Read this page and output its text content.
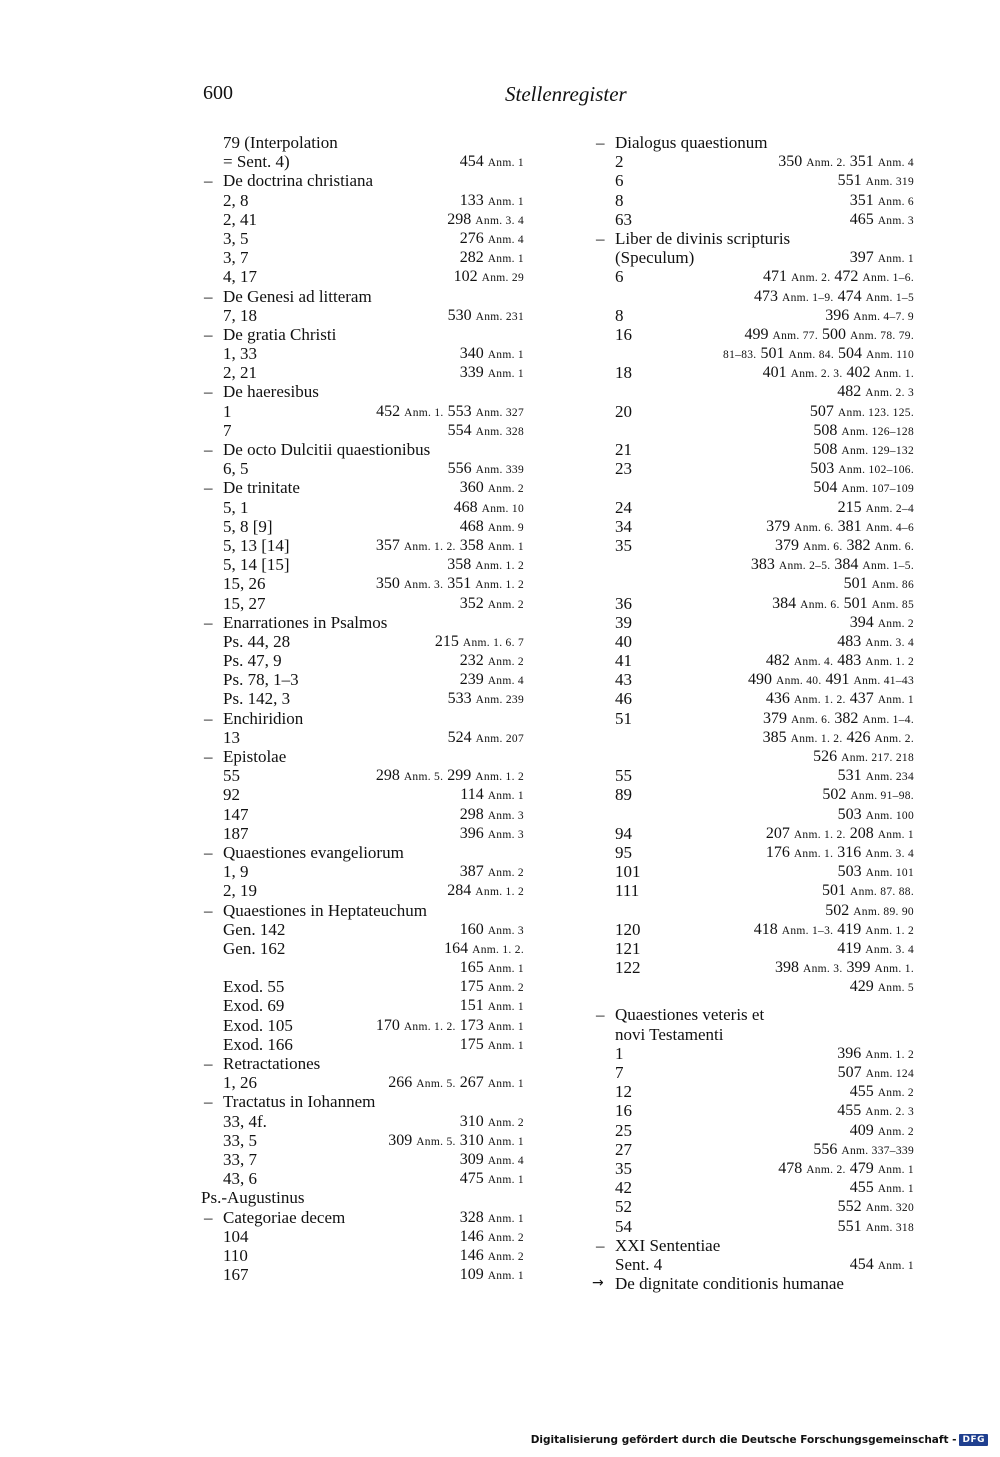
600	Stellenregister
79 (Interpolation
= Sent. 4)	454 Anm. 1
– De doctrina christiana
2, 8	133 Anm. 1
2, 41	298 Anm. 3. 4
3, 5	276 Anm. 4
3, 7	282 Anm. 1
4, 17	102 Anm. 29
– De Genesi ad litteram
7, 18	530 Anm. 231
– De gratia Christi
1, 33	340 Anm. 1
2, 21	339 Anm. 1
– De haeresibus
1	452 Anm. 1. 553 Anm. 327
7	554 Anm. 328
– De octo Dulcitii quaestionibus
6, 5	556 Anm. 339
– De trinitate	360 Anm. 2
5, 1	468 Anm. 10
5, 8 [9]	468 Anm. 9
5, 13 [14]	357 Anm. 1. 2. 358 Anm. 1
5, 14 [15]	358 Anm. 1. 2
15, 26	350 Anm. 3. 351 Anm. 1. 2
15, 27	352 Anm. 2
– Enarrationes in Psalmos
Ps. 44, 28	215 Anm. 1. 6. 7
Ps. 47, 9	232 Anm. 2
Ps. 78, 1–3	239 Anm. 4
Ps. 142, 3	533 Anm. 239
– Enchiridion
13	524 Anm. 207
– Epistolae
55	298 Anm. 5. 299 Anm. 1. 2
92	114 Anm. 1
147	298 Anm. 3
187	396 Anm. 3
– Quaestiones evangeliorum
1, 9	387 Anm. 2
2, 19	284 Anm. 1. 2
– Quaestiones in Heptateuchum
Gen. 142	160 Anm. 3
Gen. 162	164 Anm. 1. 2.
165 Anm. 1
Exod. 55	175 Anm. 2
Exod. 69	151 Anm. 1
Exod. 105	170 Anm. 1. 2. 173 Anm. 1
Exod. 166	175 Anm. 1
– Retractationes
1, 26	266 Anm. 5. 267 Anm. 1
– Tractatus in Iohannem
33, 4f.	310 Anm. 2
33, 5	309 Anm. 5. 310 Anm. 1
33, 7	309 Anm. 4
43, 6	475 Anm. 1
Ps.-Augustinus
– Categoriae decem	328 Anm. 1
104	146 Anm. 2
110	146 Anm. 2
167	109 Anm. 1
– Dialogus quaestionum
2	350 Anm. 2. 351 Anm. 4
6	551 Anm. 319
8	351 Anm. 6
63	465 Anm. 3
– Liber de divinis scripturis
(Speculum)	397 Anm. 1
6	471 Anm. 2. 472 Anm. 1–6.
473 Anm. 1–9. 474 Anm. 1–5
8	396 Anm. 4–7. 9
16	499 Anm. 77. 500 Anm. 78. 79.
81–83. 501 Anm. 84. 504 Anm. 110
18	401 Anm. 2. 3. 402 Anm. 1.
482 Anm. 2. 3
20	507 Anm. 123. 125.
508 Anm. 126–128
21	508 Anm. 129–132
23	503 Anm. 102–106.
504 Anm. 107–109
24	215 Anm. 2–4
34	379 Anm. 6. 381 Anm. 4–6
35	379 Anm. 6. 382 Anm. 6.
383 Anm. 2–5. 384 Anm. 1–5.
501 Anm. 86
36	384 Anm. 6. 501 Anm. 85
39	394 Anm. 2
40	483 Anm. 3. 4
41	482 Anm. 4. 483 Anm. 1. 2
43	490 Anm. 40. 491 Anm. 41–43
46	436 Anm. 1. 2. 437 Anm. 1
51	379 Anm. 6. 382 Anm. 1–4.
385 Anm. 1. 2. 426 Anm. 2.
526 Anm. 217. 218
55	531 Anm. 234
89	502 Anm. 91–98.
503 Anm. 100
94	207 Anm. 1. 2. 208 Anm. 1
95	176 Anm. 1. 316 Anm. 3. 4
101	503 Anm. 101
111	501 Anm. 87. 88.
502 Anm. 89. 90
120	418 Anm. 1–3. 419 Anm. 1. 2
121	419 Anm. 3. 4
122	398 Anm. 3. 399 Anm. 1.
429 Anm. 5
– Quaestiones veteris et
novi Testamenti
1	396 Anm. 1. 2
7	507 Anm. 124
12	455 Anm. 2
16	455 Anm. 2. 3
25	409 Anm. 2
27	556 Anm. 337–339
35	478 Anm. 2. 479 Anm. 1
42	455 Anm. 1
52	552 Anm. 320
54	551 Anm. 318
– XXI Sententiae
Sent. 4	454 Anm. 1
→ De dignitate conditionis humanae
Digitalisierung gefördert durch die Deutsche Forschungsgemeinschaft - DFG
